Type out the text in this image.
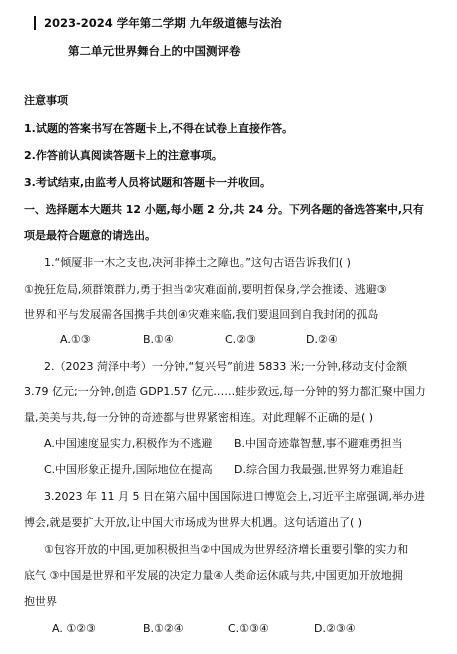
2023-2024 学年第二学期 九年级道德与法治
第二单元世界舞台上的中国测评卷
注意事项
1.试题的答案书写在答题卡上,不得在试卷上直接作答。
2.作答前认真阅读答题卡上的注意事项。
3.考试结束,由监考人员将试题和答题卡一并收回。
一、选择题本大题共 12 小题,每小题 2 分,共 24 分。下列各题的备选答案中,只有
项是最符合题意的请选出。
1.“倾厦非一木之支也,决河非捧土之障也。”这句古语告诉我们( )
①挽狂危局,须群策群力,勇于担当②灾难面前,要明哲保身,学会推诿、逃避③
世界和平与发展需各国携手共创④灾难来临,我们要退回到自我封闭的孤岛
A.①③	B.①④	C.②③	D.②④
2.（2023 菏泽中考）一分钟,“复兴号”前进 5833 米;一分钟,移动支付金额
3.79 亿元;一分钟,创造 GDP1.57 亿元……蛙步致远,每一分钟的努力都汇聚中国力
量,美美与共,每一分钟的奇迹都与世界紧密相连。对此理解不正确的是( )
A.中国速度显实力,积极作为不逃避 B.中国奇迹靠智慧,事不避难勇担当
C.中国形象正提升,国际地位在提高 D.综合国力我最强,世界努力难追赶
3.2023 年 11 月 5 日在第六届中国国际进口博览会上,习近平主席强调,举办进
博会,就是要扩大开放,让中国大市场成为世界大机遇。这句话道出了( )
①包容开放的中国,更加积极担当②中国成为世界经济增长重要引擎的实力和
底气 ③中国是世界和平发展的决定力量④人类命运休戚与共,中国更加开放地拥
抱世界
A. ①②③	B.①②④	C.①③④	D.②③④
